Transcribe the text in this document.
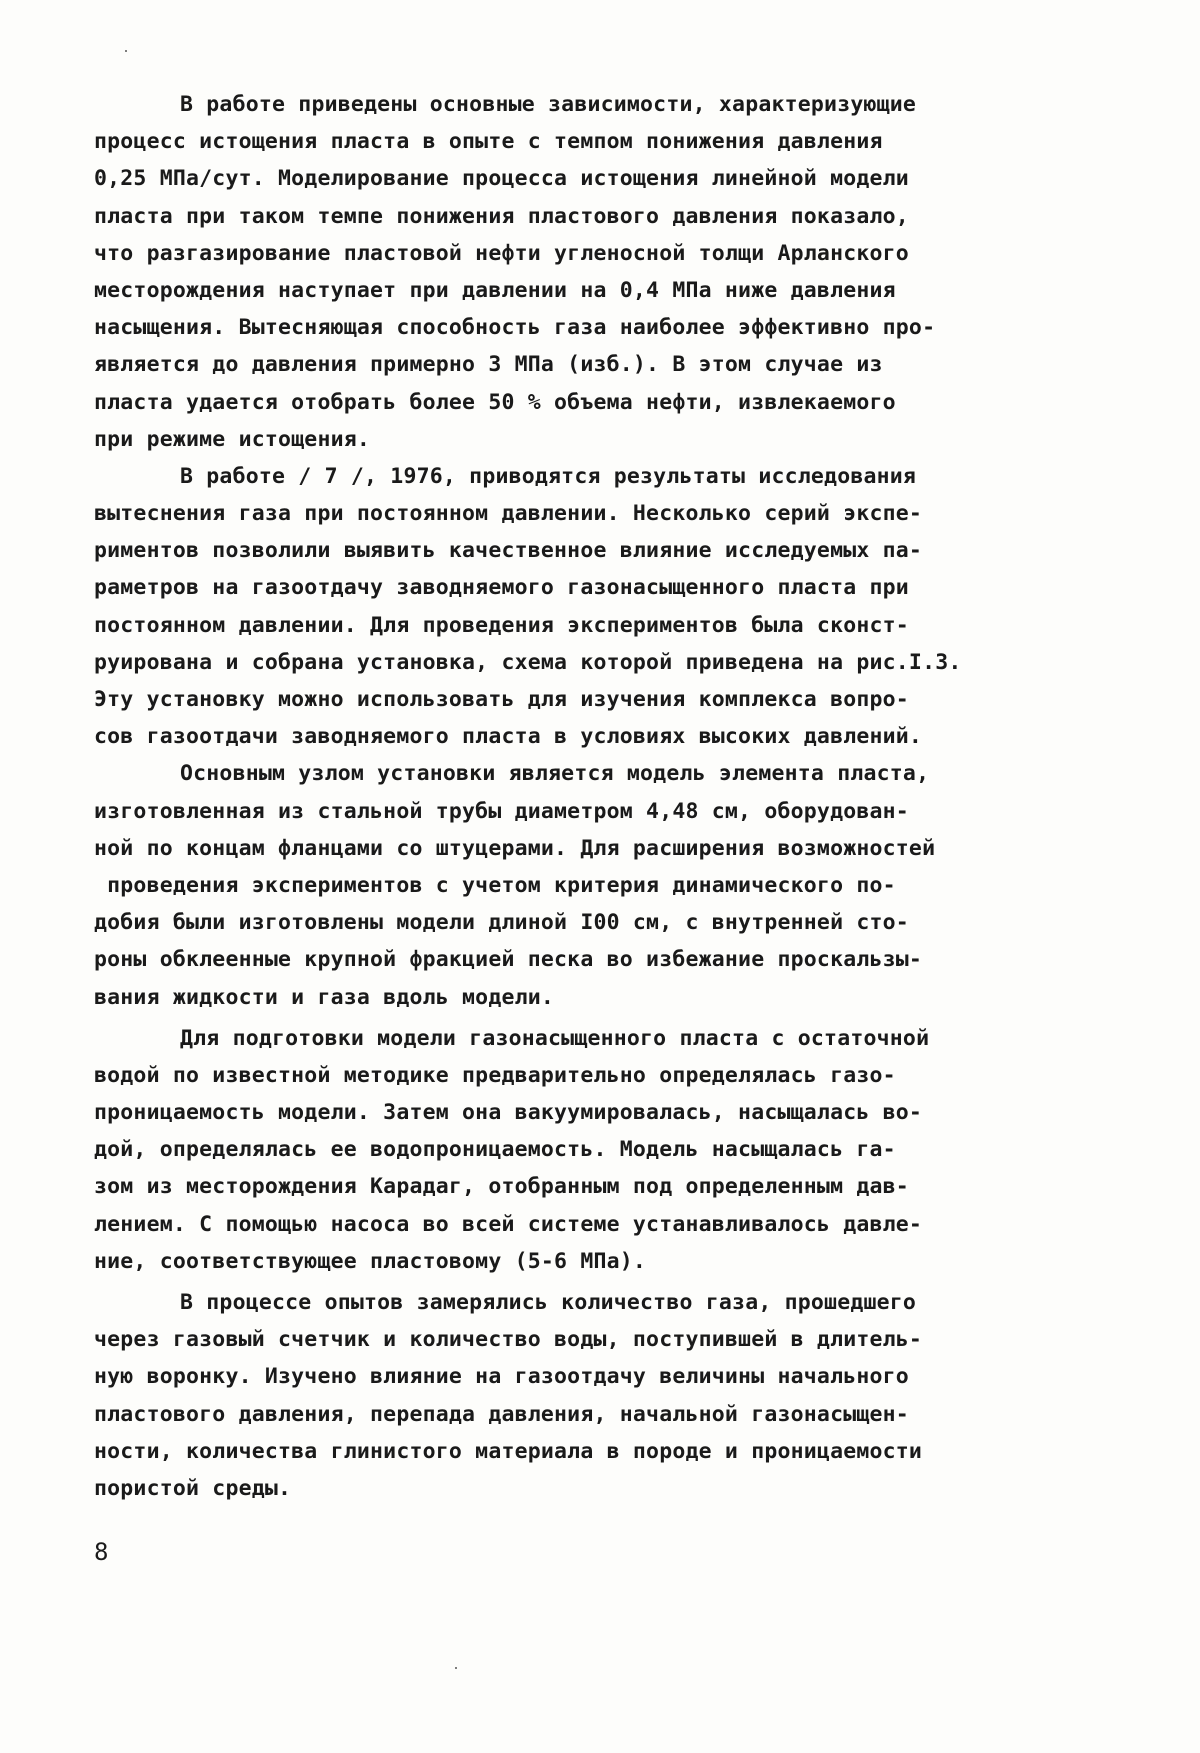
В работе приведены основные зависимости, характеризующие
процесс истощения пласта в опыте с темпом понижения давления
0,25 МПа/сут. Моделирование процесса истощения линейной модели
пласта при таком темпе понижения пластового давления показало,
что разгазирование пластовой нефти угленосной толщи Арланского
месторождения наступает при давлении на 0,4 МПа ниже давления
насыщения. Вытесняющая способность газа наиболее эффективно про-
является до давления примерно 3 МПа (изб.). В этом случае из
пласта удается отобрать более 50 % объема нефти, извлекаемого
при режиме истощения.
В работе / 7 /, 1976, приводятся результаты исследования
вытеснения газа при постоянном давлении. Несколько серий экспе-
риментов позволили выявить качественное влияние исследуемых па-
раметров на газоотдачу заводняемого газонасыщенного пласта при
постоянном давлении. Для проведения экспериментов была сконст-
руирована и собрана установка, схема которой приведена на рис.I.3.
Эту установку можно использовать для изучения комплекса вопро-
сов газоотдачи заводняемого пласта в условиях высоких давлений.
Основным узлом установки является модель элемента пласта,
изготовленная из стальной трубы диаметром 4,48 см, оборудован-
ной по концам фланцами со штуцерами. Для расширения возможностей
проведения экспериментов с учетом критерия динамического по-
добия были изготовлены модели длиной I00 см, с внутренней сто-
роны обклеенные крупной фракцией песка во избежание проскальзы-
вания жидкости и газа вдоль модели.
Для подготовки модели газонасыщенного пласта с остаточной
водой по известной методике предварительно определялась газо-
проницаемость модели. Затем она вакуумировалась, насыщалась во-
дой, определялась ее водопроницаемость. Модель насыщалась га-
зом из месторождения Карадаг, отобранным под определенным дав-
лением. С помощью насоса во всей системе устанавливалось давле-
ние, соответствующее пластовому (5-6 МПа).
В процессе опытов замерялись количество газа, прошедшего
через газовый счетчик и количество воды, поступившей в длитель-
ную воронку. Изучено влияние на газоотдачу величины начального
пластового давления, перепада давления, начальной газонасыщен-
ности, количества глинистого материала в породе и проницаемости
пористой среды.
8
